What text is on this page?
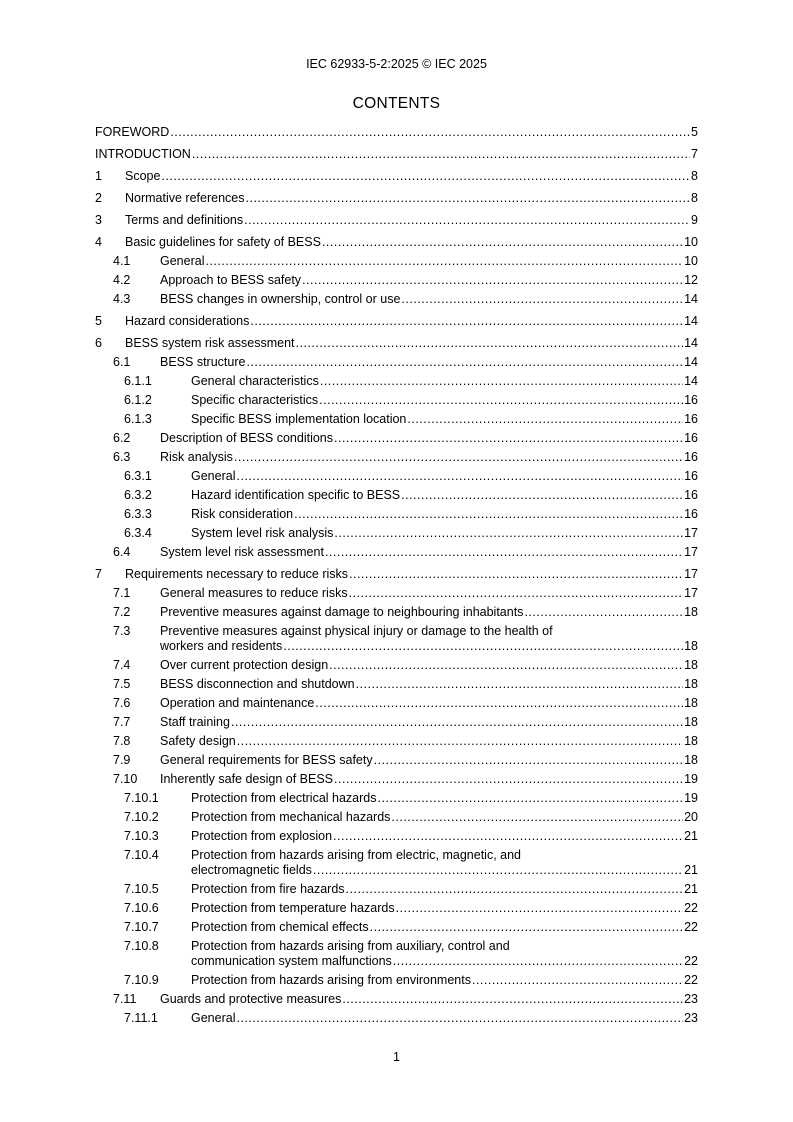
IEC 62933-5-2:2025 © IEC 2025
CONTENTS
FOREWORD .....	5
INTRODUCTION .....	7
1 Scope .....	8
2 Normative references .....	8
3 Terms and definitions .....	9
4 Basic guidelines for safety of BESS .....	10
4.1 General .....	10
4.2 Approach to BESS safety .....	12
4.3 BESS changes in ownership, control or use .....	14
5 Hazard considerations .....	14
6 BESS system risk assessment .....	14
6.1 BESS structure .....	14
6.1.1	General characteristics .....	14
6.1.2	Specific characteristics .....	16
6.1.3	Specific BESS implementation location .....	16
6.2 Description of BESS conditions .....	16
6.3 Risk analysis .....	16
6.3.1	General .....	16
6.3.2	Hazard identification specific to BESS .....	16
6.3.3	Risk consideration .....	16
6.3.4	System level risk analysis .....	17
6.4 System level risk assessment .....	17
7 Requirements necessary to reduce risks .....	17
7.1 General measures to reduce risks .....	17
7.2 Preventive measures against damage to neighbouring inhabitants .....	18
7.3 Preventive measures against physical injury or damage to the health of
workers and residents .....	18
7.4 Over current protection design .....	18
7.5 BESS disconnection and shutdown .....	18
7.6 Operation and maintenance .....	18
7.7 Staff training .....	18
7.8 Safety design .....	18
7.9 General requirements for BESS safety .....	18
7.10 Inherently safe design of BESS .....	19
7.10.1	Protection from electrical hazards .....	19
7.10.2	Protection from mechanical hazards .....	20
7.10.3	Protection from explosion .....	21
7.10.4	Protection from hazards arising from electric, magnetic, and
electromagnetic fields .....	21
7.10.5	Protection from fire hazards .....	21
7.10.6	Protection from temperature hazards .....	22
7.10.7	Protection from chemical effects .....	22
7.10.8	Protection from hazards arising from auxiliary, control and
communication system malfunctions .....	22
7.10.9	Protection from hazards arising from environments .....	22
7.11 Guards and protective measures .....	23
7.11.1	General .....	23
1
